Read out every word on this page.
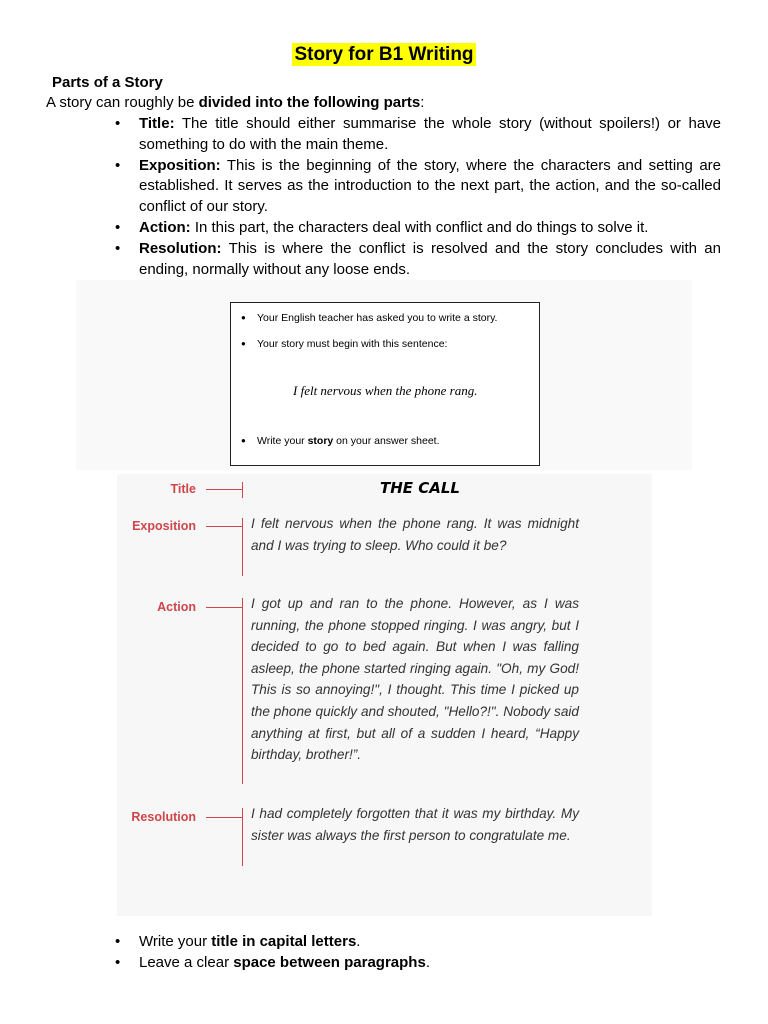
Story for B1 Writing
Parts of a Story
A story can roughly be divided into the following parts:
• Title: The title should either summarise the whole story (without spoilers!) or have something to do with the main theme.
• Exposition: This is the beginning of the story, where the characters and setting are established. It serves as the introduction to the next part, the action, and the so-called conflict of our story.
• Action: In this part, the characters deal with conflict and do things to solve it.
• Resolution: This is where the conflict is resolved and the story concludes with an ending, normally without any loose ends.
● Your English teacher has asked you to write a story.
● Your story must begin with this sentence:
I felt nervous when the phone rang.
● Write your story on your answer sheet.
Title	THE CALL
Exposition	I felt nervous when the phone rang. It was midnight and I was trying to sleep. Who could it be?
Action	I got up and ran to the phone. However, as I was running, the phone stopped ringing. I was angry, but I decided to go to bed again. But when I was falling asleep, the phone started ringing again. "Oh, my God! This is so annoying!", I thought. This time I picked up the phone quickly and shouted, "Hello?!". Nobody said anything at first, but all of a sudden I heard, “Happy birthday, brother!”.
Resolution	I had completely forgotten that it was my birthday. My sister was always the first person to congratulate me.
• Write your title in capital letters.
• Leave a clear space between paragraphs.
